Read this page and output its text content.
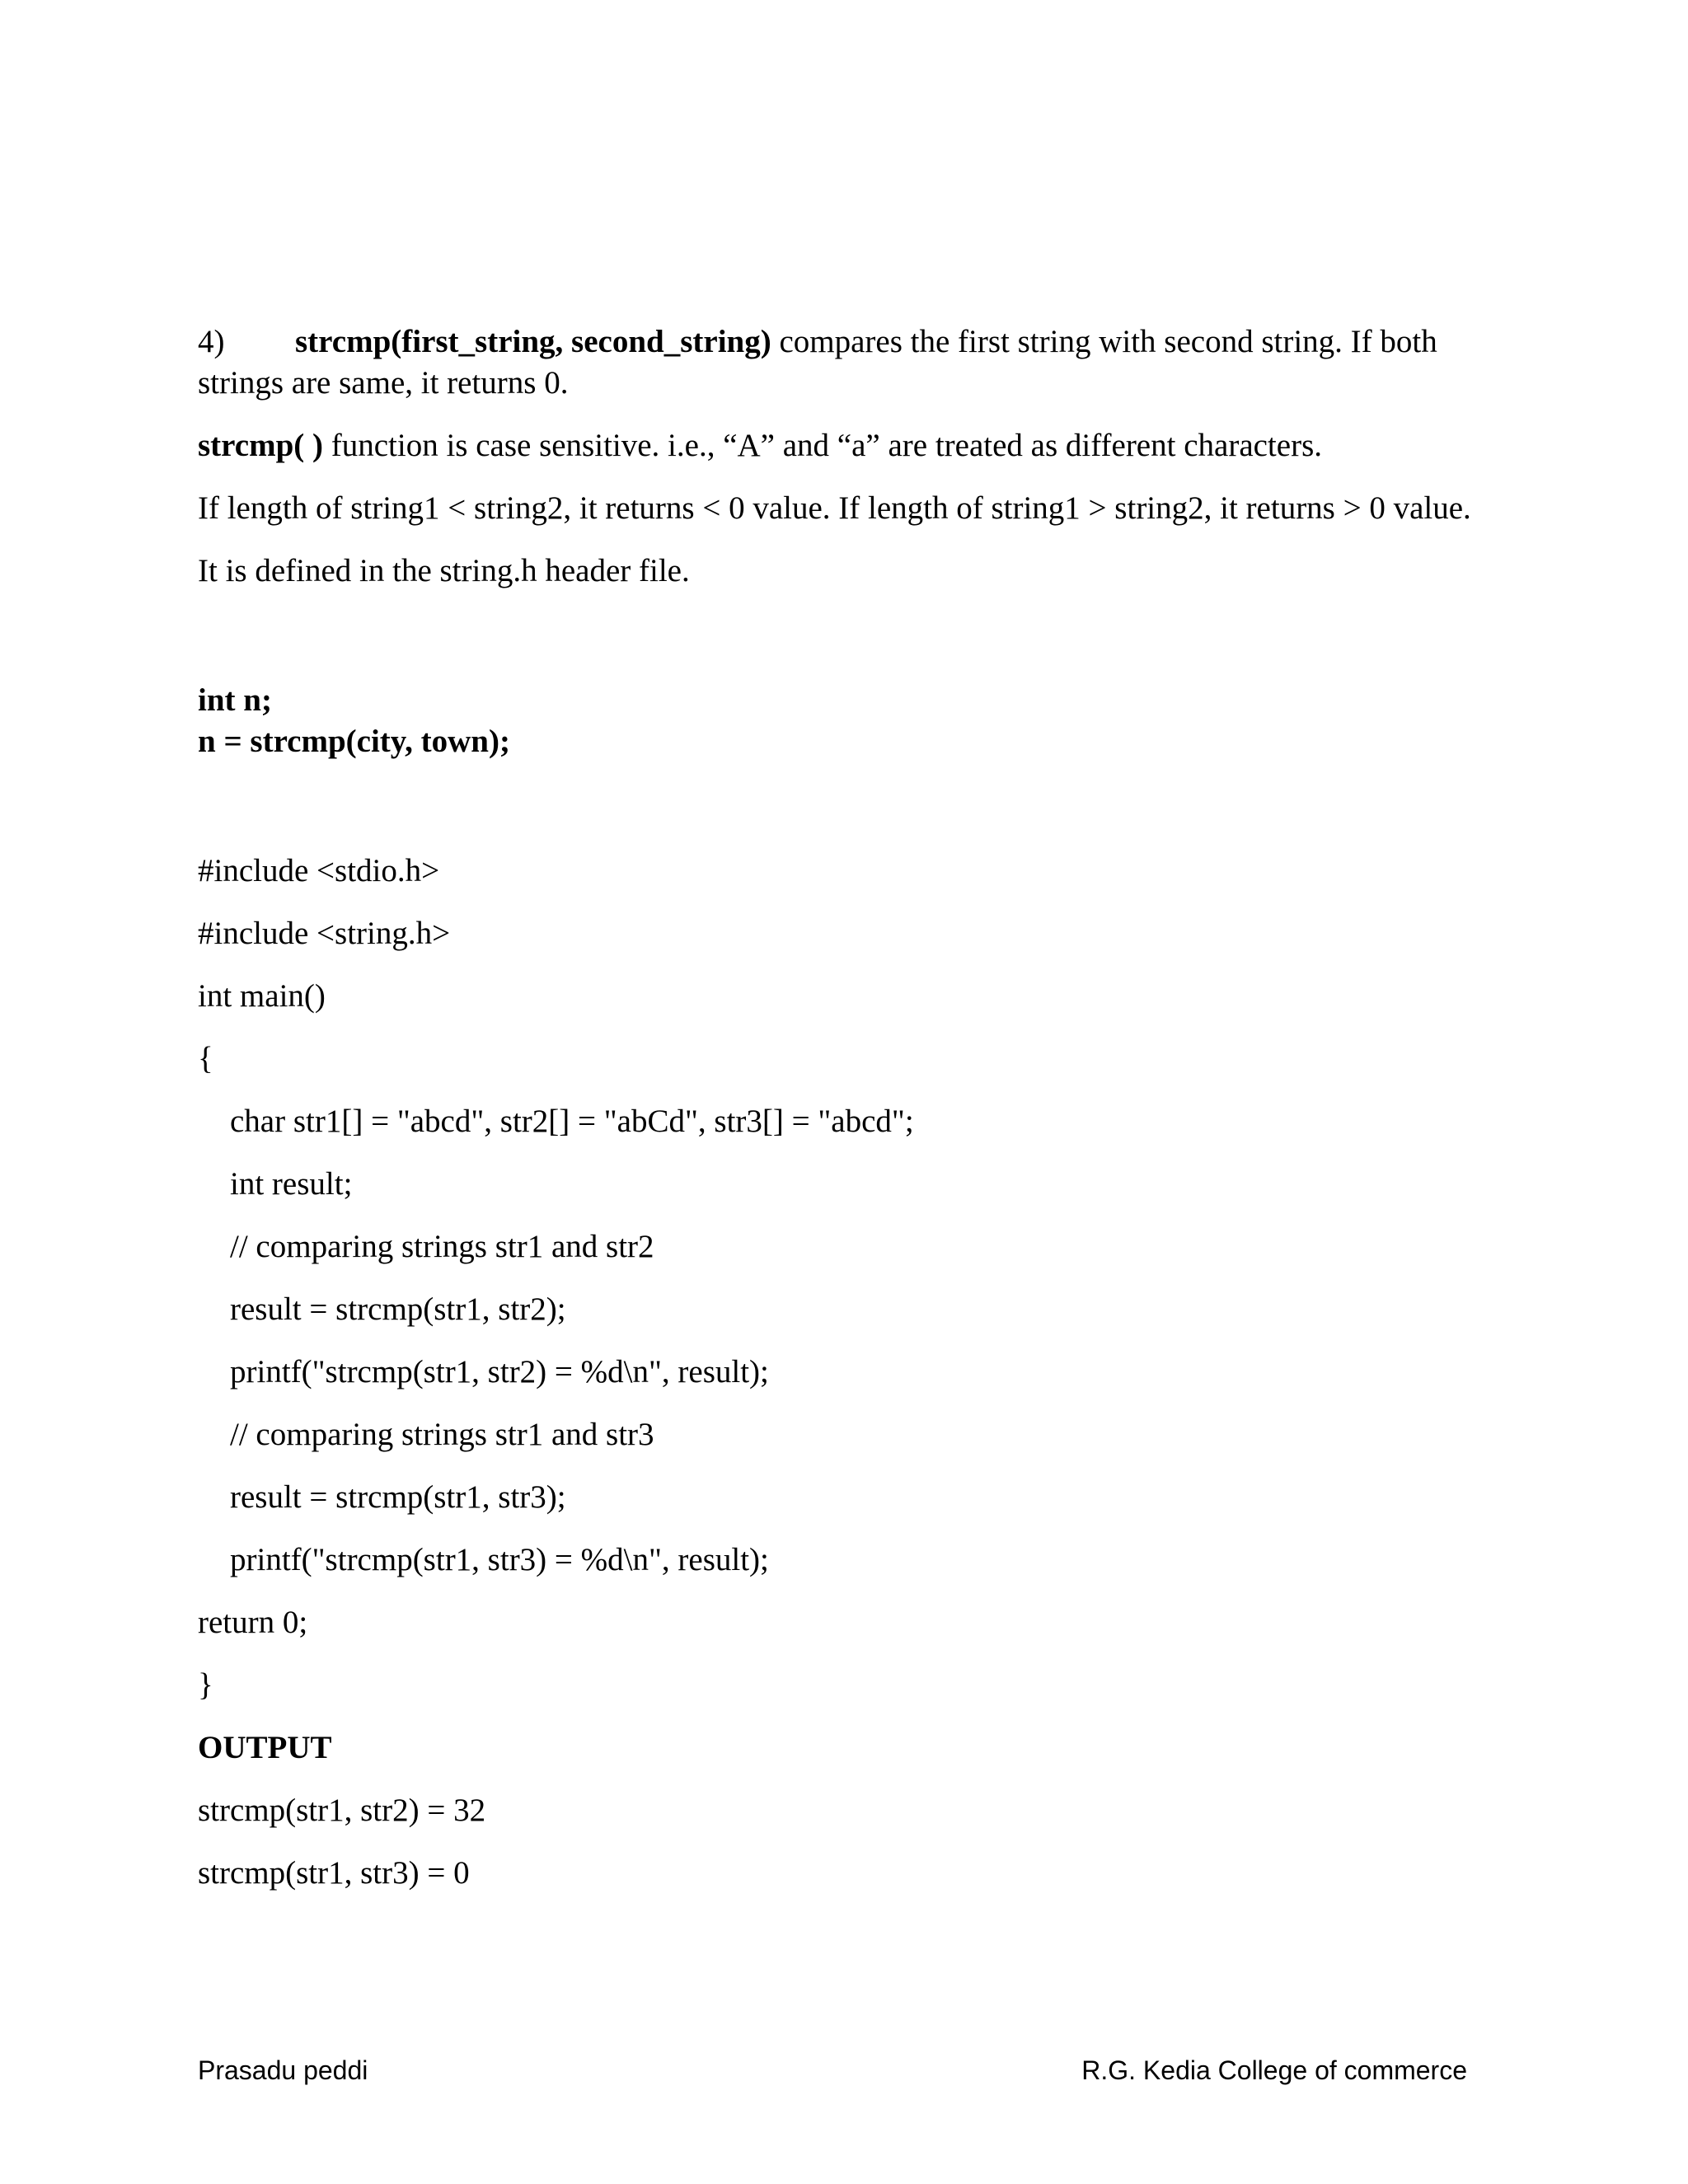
4) strcmp(first_string, second_string) compares the first string with second string. If both strings are same, it returns 0.

strcmp( ) function is case sensitive. i.e., “A” and “a” are treated as different characters.

If length of string1 < string2, it returns < 0 value. If length of string1 > string2, it returns > 0 value.

It is defined in the string.h header file.

int n;
n = strcmp(city, town);
#include <stdio.h>
#include <string.h>
int main()
{
char str1[] = "abcd", str2[] = "abCd", str3[] = "abcd";
int result;
// comparing strings str1 and str2
result = strcmp(str1, str2);
printf("strcmp(str1, str2) = %d\n", result);
// comparing strings str1 and str3
result = strcmp(str1, str3);
printf("strcmp(str1, str3) = %d\n", result);
return 0;
}
OUTPUT
strcmp(str1, str2) = 32
strcmp(str1, str3) = 0
Prasadu peddi	R.G. Kedia College of commerce
